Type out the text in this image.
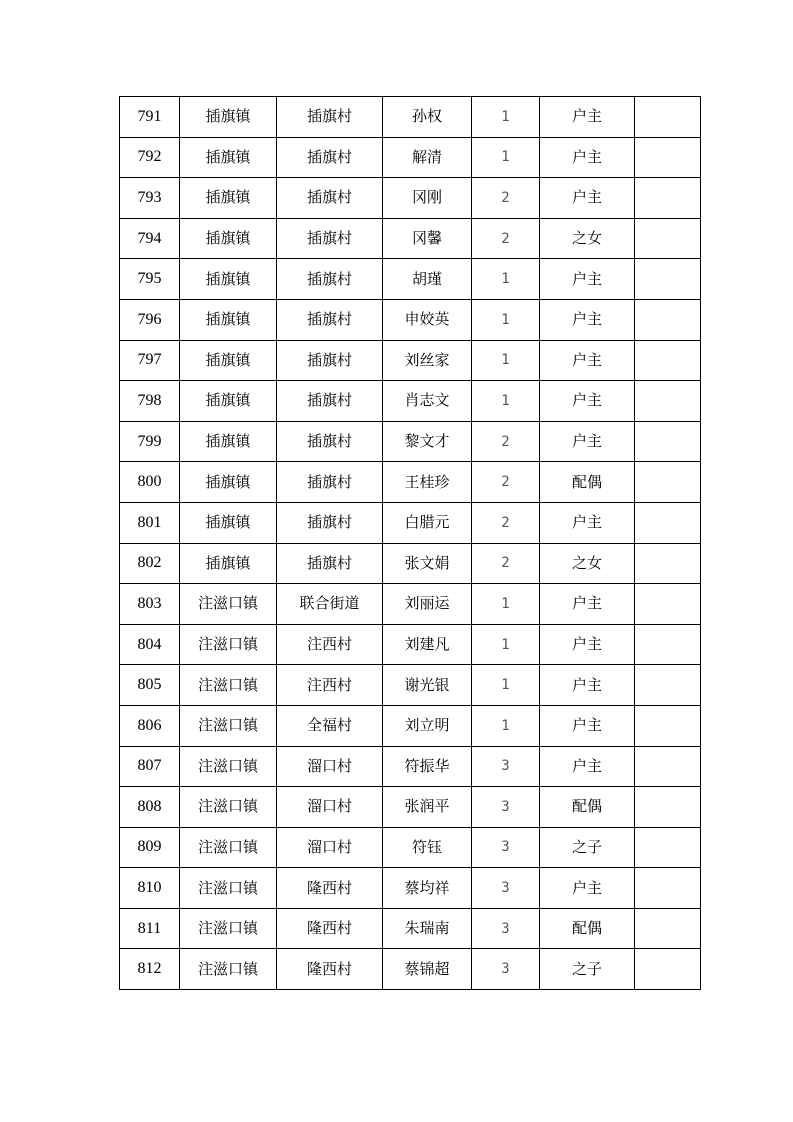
791	插旗镇	插旗村	孙权	1	户主	
792	插旗镇	插旗村	解清	1	户主	
793	插旗镇	插旗村	冈刚	2	户主	
794	插旗镇	插旗村	冈馨	2	之女	
795	插旗镇	插旗村	胡瑾	1	户主	
796	插旗镇	插旗村	申姣英	1	户主	
797	插旗镇	插旗村	刘丝家	1	户主	
798	插旗镇	插旗村	肖志文	1	户主	
799	插旗镇	插旗村	黎文才	2	户主	
800	插旗镇	插旗村	王桂珍	2	配偶	
801	插旗镇	插旗村	白腊元	2	户主	
802	插旗镇	插旗村	张文娟	2	之女	
803	注滋口镇	联合街道	刘丽运	1	户主	
804	注滋口镇	注西村	刘建凡	1	户主	
805	注滋口镇	注西村	谢光银	1	户主	
806	注滋口镇	全福村	刘立明	1	户主	
807	注滋口镇	溜口村	符振华	3	户主	
808	注滋口镇	溜口村	张润平	3	配偶	
809	注滋口镇	溜口村	符钰	3	之子	
810	注滋口镇	隆西村	蔡均祥	3	户主	
811	注滋口镇	隆西村	朱瑞南	3	配偶	
812	注滋口镇	隆西村	蔡锦超	3	之子	
